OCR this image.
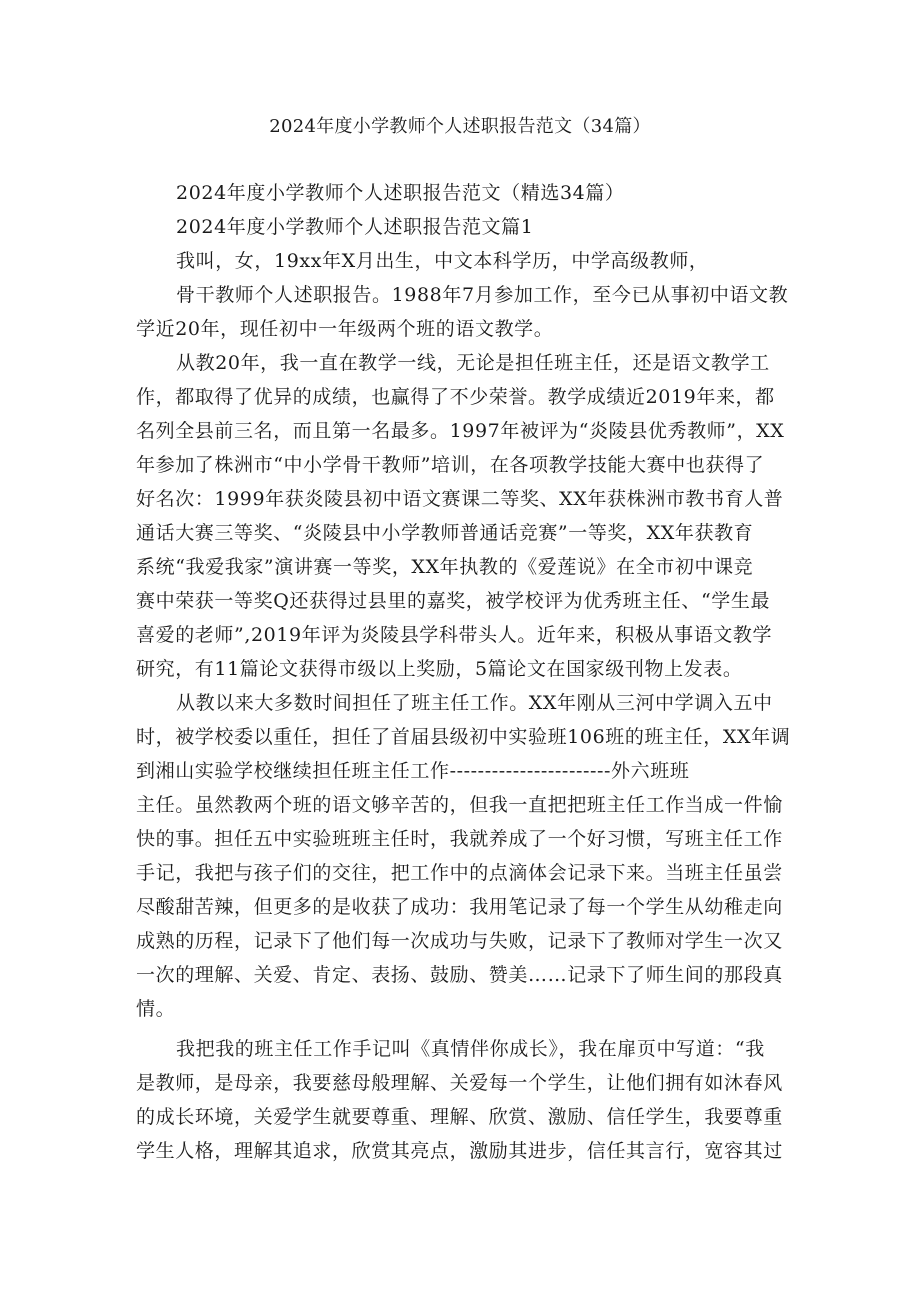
2024年度小学教师个人述职报告范文（34篇）
2024年度小学教师个人述职报告范文（精选34篇）
2024年度小学教师个人述职报告范文篇1
我叫，女，19xx年X月出生，中文本科学历，中学高级教师，
骨干教师个人述职报告。1988年7月参加工作，至今已从事初中语文教
学近20年，现任初中一年级两个班的语文教学。
从教20年，我一直在教学一线，无论是担任班主任，还是语文教学工
作，都取得了优异的成绩，也赢得了不少荣誉。教学成绩近2019年来，都
名列全县前三名，而且第一名最多。1997年被评为“炎陵县优秀教师”，XX
年参加了株洲市“中小学骨干教师”培训，在各项教学技能大赛中也获得了
好名次：1999年获炎陵县初中语文赛课二等奖、XX年获株洲市教书育人普
通话大赛三等奖、“炎陵县中小学教师普通话竞赛”一等奖，XX年获教育
系统“我爱我家”演讲赛一等奖，XX年执教的《爱莲说》在全市初中课竞
赛中荣获一等奖Q还获得过县里的嘉奖，被学校评为优秀班主任、“学生最
喜爱的老师”,2019年评为炎陵县学科带头人。近年来，积极从事语文教学
研究，有11篇论文获得市级以上奖励，5篇论文在国家级刊物上发表。
从教以来大多数时间担任了班主任工作。XX年刚从三河中学调入五中
时，被学校委以重任，担任了首届县级初中实验班106班的班主任，XX年调
到湘山实验学校继续担任班主任工作-----------------------外六班班
主任。虽然教两个班的语文够辛苦的，但我一直把把班主任工作当成一件愉
快的事。担任五中实验班班主任时，我就养成了一个好习惯，写班主任工作
手记，我把与孩子们的交往，把工作中的点滴体会记录下来。当班主任虽尝
尽酸甜苦辣，但更多的是收获了成功：我用笔记录了每一个学生从幼稚走向
成熟的历程，记录下了他们每一次成功与失败，记录下了教师对学生一次又
一次的理解、关爱、肯定、表扬、鼓励、赞美……记录下了师生间的那段真
情。
我把我的班主任工作手记叫《真情伴你成长》，我在扉页中写道：“我
是教师，是母亲，我要慈母般理解、关爱每一个学生，让他们拥有如沐春风
的成长环境，关爱学生就要尊重、理解、欣赏、激励、信任学生，我要尊重
学生人格，理解其追求，欣赏其亮点，激励其进步，信任其言行，宽容其过
